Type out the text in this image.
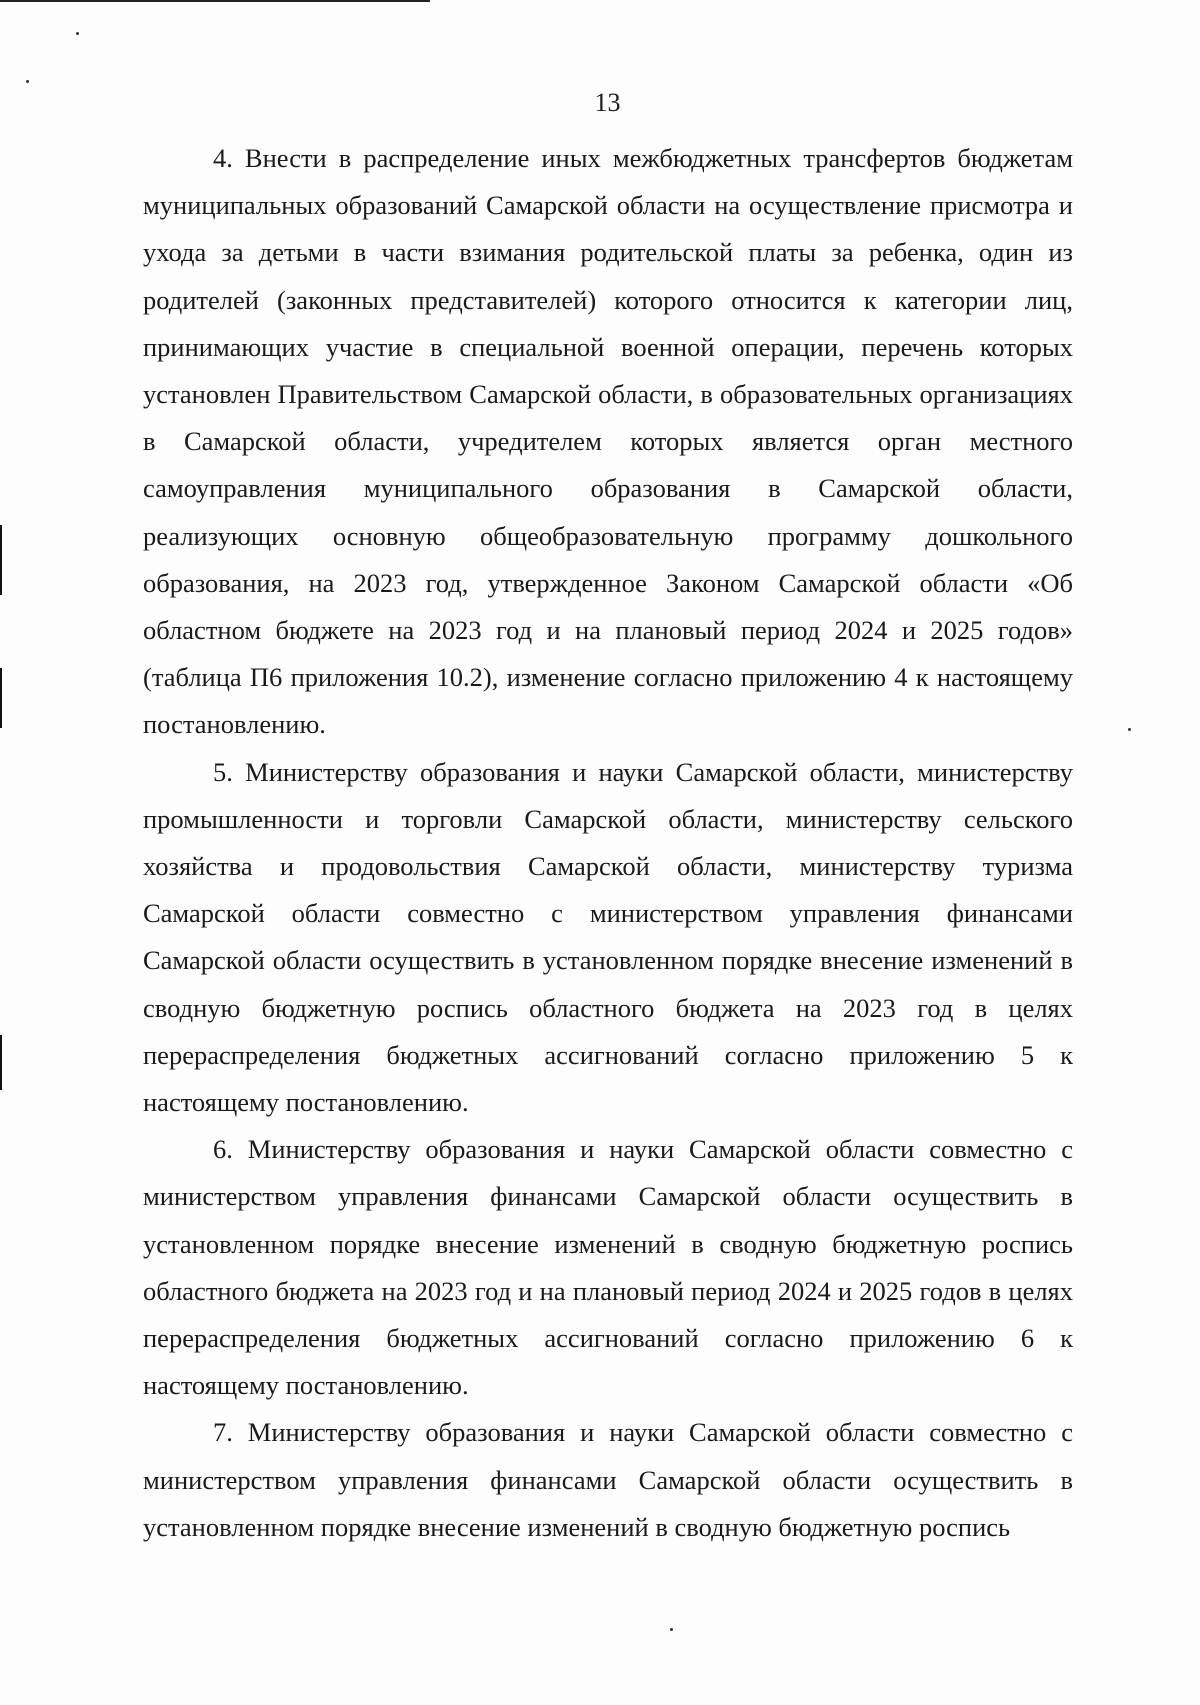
13

4. Внести в распределение иных межбюджетных трансфертов бюджетам муниципальных образований Самарской области на осуществление присмотра и ухода за детьми в части взимания родительской платы за ребенка, один из родителей (законных представителей) которого относится к категории лиц, принимающих участие в специальной военной операции, перечень которых установлен Правительством Самарской области, в образовательных организациях в Самарской области, учредителем которых является орган местного самоуправления муниципального образования в Самарской области, реализующих основную общеобразовательную программу дошкольного образования, на 2023 год, утвержденное Законом Самарской области «Об областном бюджете на 2023 год и на плановый период 2024 и 2025 годов» (таблица П6 приложения 10.2), изменение согласно приложению 4 к настоящему постановлению.

5. Министерству образования и науки Самарской области, министерству промышленности и торговли Самарской области, министерству сельского хозяйства и продовольствия Самарской области, министерству туризма Самарской области совместно с министерством управления финансами Самарской области осуществить в установленном порядке внесение изменений в сводную бюджетную роспись областного бюджета на 2023 год в целях перераспределения бюджетных ассигнований согласно приложению 5 к настоящему постановлению.

6. Министерству образования и науки Самарской области совместно с министерством управления финансами Самарской области осуществить в установленном порядке внесение изменений в сводную бюджетную роспись областного бюджета на 2023 год и на плановый период 2024 и 2025 годов в целях перераспределения бюджетных ассигнований согласно приложению 6 к настоящему постановлению.

7. Министерству образования и науки Самарской области совместно с министерством управления финансами Самарской области осуществить в установленном порядке внесение изменений в сводную бюджетную роспись
